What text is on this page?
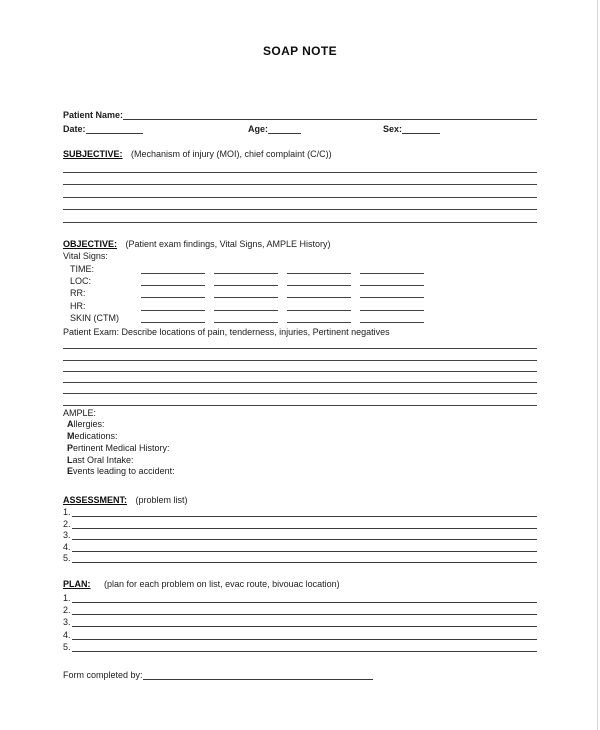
SOAP NOTE
Patient Name:
Date:	Age:	Sex:
SUBJECTIVE: (Mechanism of injury (MOI), chief complaint (C/C))
OBJECTIVE: (Patient exam findings, Vital Signs, AMPLE History)
Vital Signs:
TIME:
LOC:
RR:
HR:
SKIN (CTM)
Patient Exam: Describe locations of pain, tenderness, injuries, Pertinent negatives
AMPLE:
Allergies:
Medications:
Pertinent Medical History:
Last Oral Intake:
Events leading to accident:
ASSESSMENT: (problem list)
1.
2.
3.
4.
5.
PLAN: (plan for each problem on list, evac route, bivouac location)
1.
2.
3.
4.
5.
Form completed by:
